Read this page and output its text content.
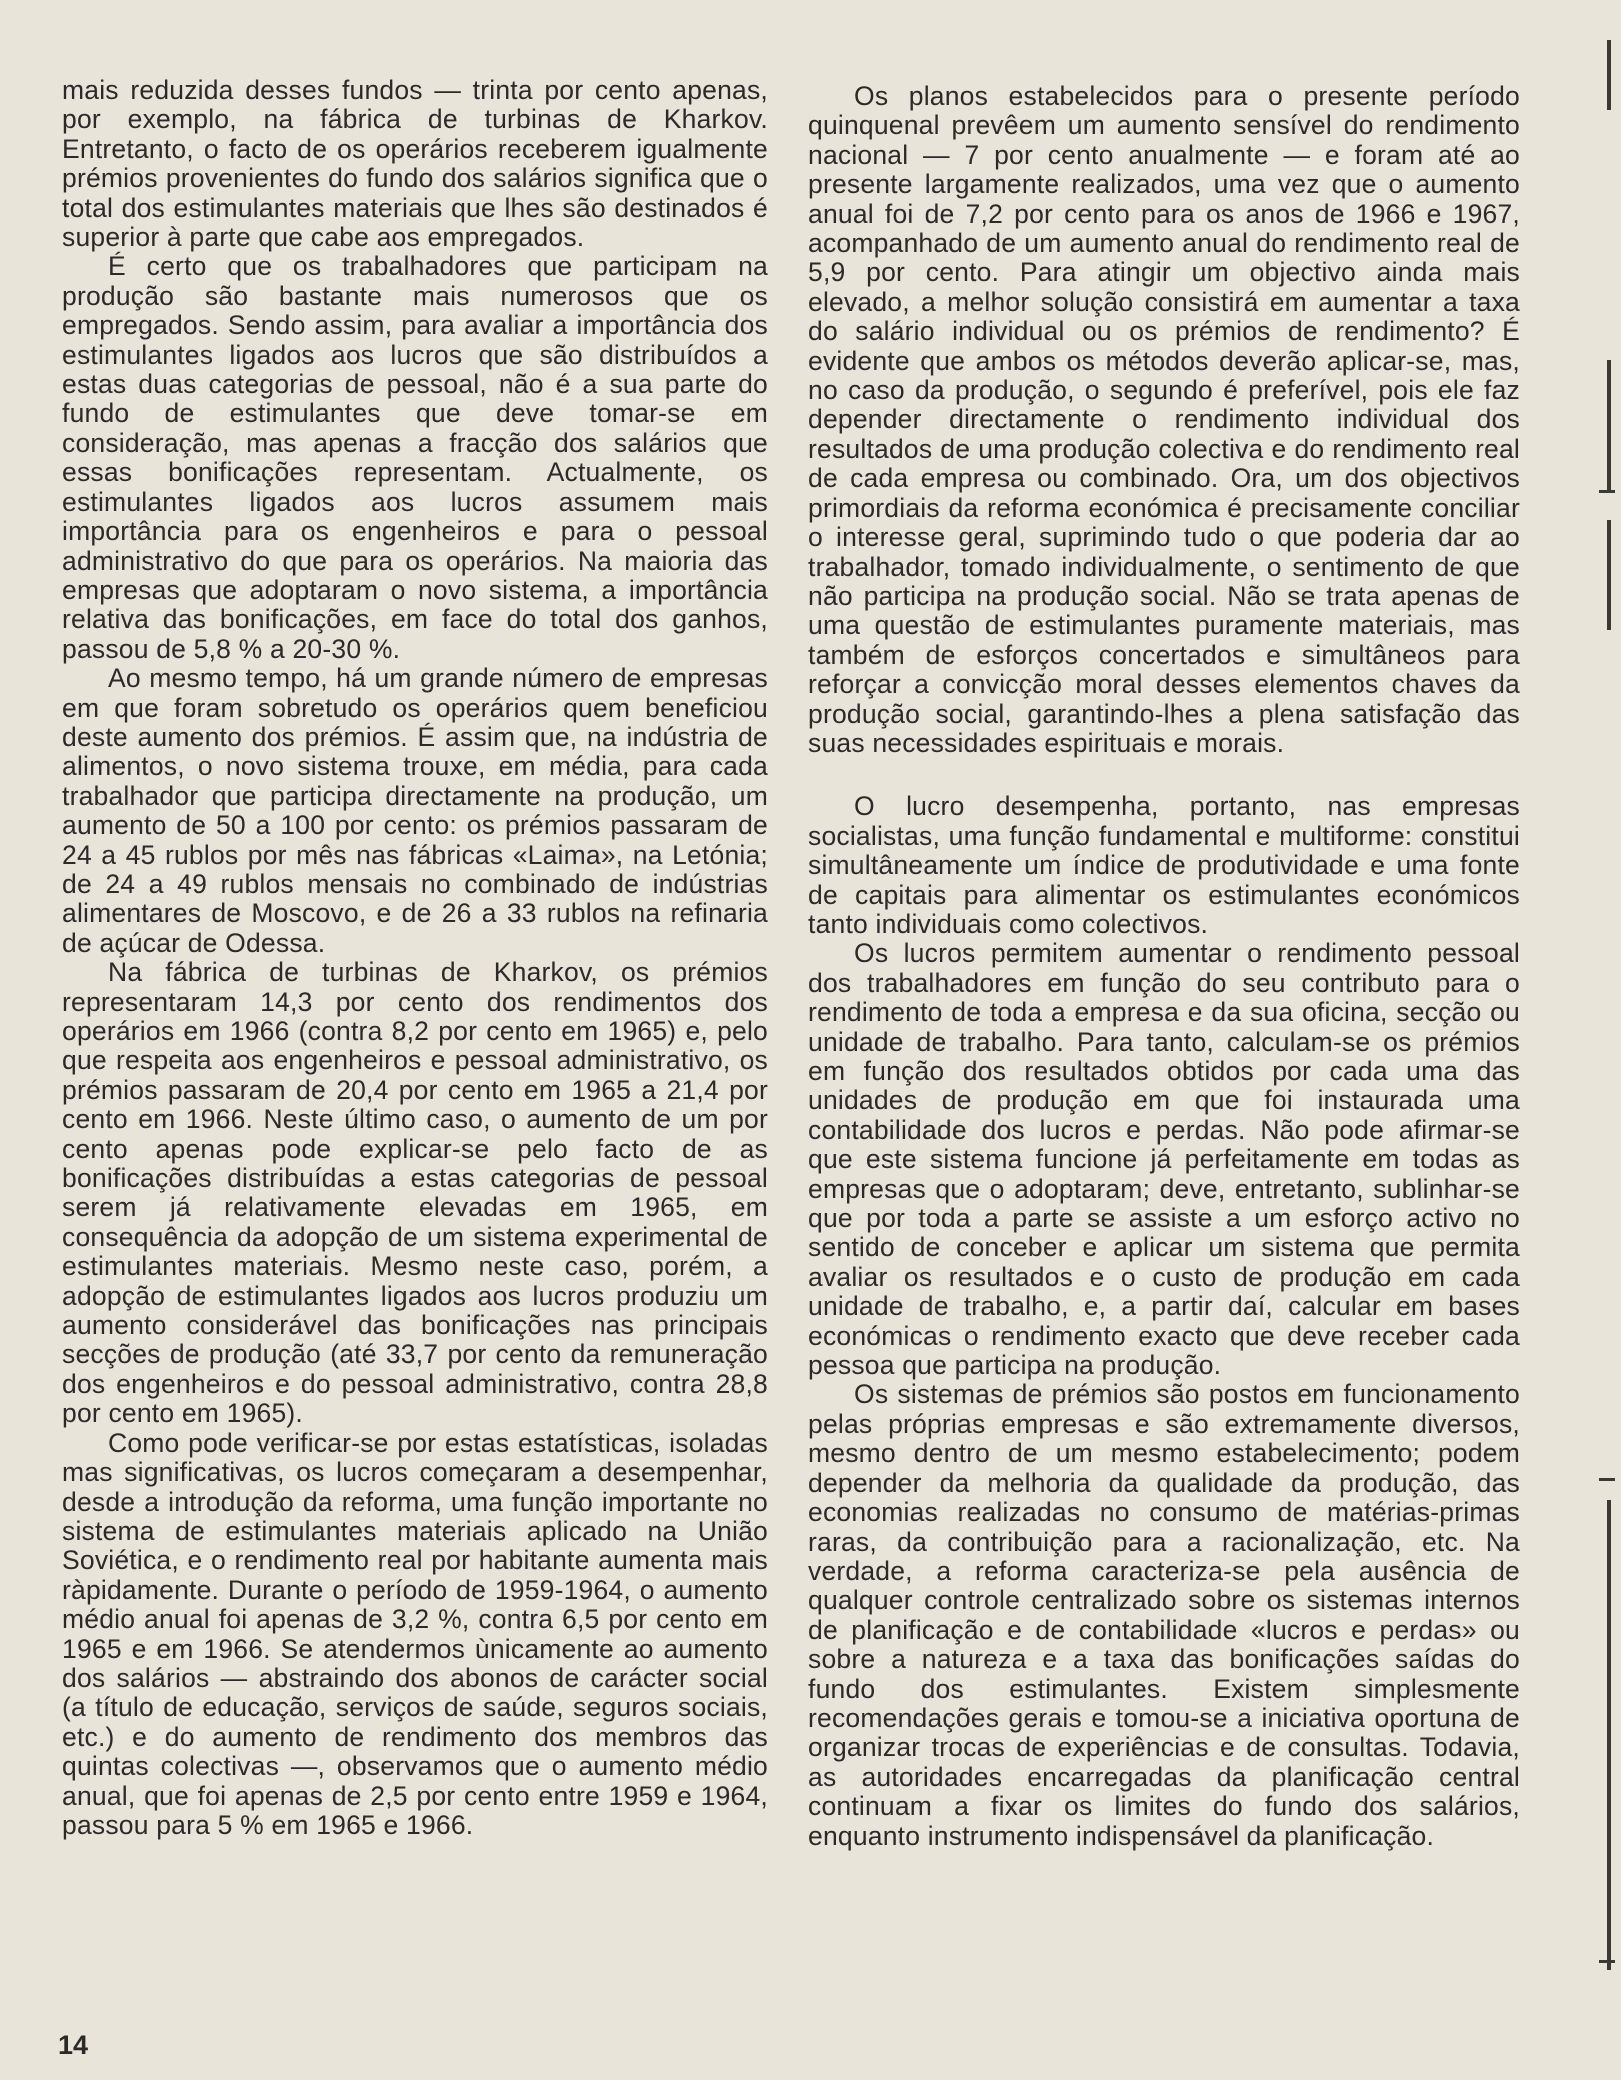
mais reduzida desses fundos — trinta por cento apenas, por exemplo, na fábrica de turbinas de Kharkov. Entretanto, o facto de os operários receberem igualmente prémios provenientes do fundo dos salários significa que o total dos estimulantes materiais que lhes são destinados é superior à parte que cabe aos empregados.

É certo que os trabalhadores que participam na produção são bastante mais numerosos que os empregados. Sendo assim, para avaliar a importância dos estimulantes ligados aos lucros que são distribuídos a estas duas categorias de pessoal, não é a sua parte do fundo de estimulantes que deve tomar-se em consideração, mas apenas a fracção dos salários que essas bonificações representam. Actualmente, os estimulantes ligados aos lucros assumem mais importância para os engenheiros e para o pessoal administrativo do que para os operários. Na maioria das empresas que adoptaram o novo sistema, a importância relativa das bonificações, em face do total dos ganhos, passou de 5,8 % a 20-30 %.

Ao mesmo tempo, há um grande número de empresas em que foram sobretudo os operários quem beneficiou deste aumento dos prémios. É assim que, na indústria de alimentos, o novo sistema trouxe, em média, para cada trabalhador que participa directamente na produção, um aumento de 50 a 100 por cento: os prémios passaram de 24 a 45 rublos por mês nas fábricas «Laima», na Letónia; de 24 a 49 rublos mensais no combinado de indústrias alimentares de Moscovo, e de 26 a 33 rublos na refinaria de açúcar de Odessa.

Na fábrica de turbinas de Kharkov, os prémios representaram 14,3 por cento dos rendimentos dos operários em 1966 (contra 8,2 por cento em 1965) e, pelo que respeita aos engenheiros e pessoal administrativo, os prémios passaram de 20,4 por cento em 1965 a 21,4 por cento em 1966. Neste último caso, o aumento de um por cento apenas pode explicar-se pelo facto de as bonificações distribuídas a estas categorias de pessoal serem já relativamente elevadas em 1965, em consequência da adopção de um sistema experimental de estimulantes materiais. Mesmo neste caso, porém, a adopção de estimulantes ligados aos lucros produziu um aumento considerável das bonificações nas principais secções de produção (até 33,7 por cento da remuneração dos engenheiros e do pessoal administrativo, contra 28,8 por cento em 1965).

Como pode verificar-se por estas estatísticas, isoladas mas significativas, os lucros começaram a desempenhar, desde a introdução da reforma, uma função importante no sistema de estimulantes materiais aplicado na União Soviética, e o rendimento real por habitante aumenta mais ràpidamente. Durante o período de 1959-1964, o aumento médio anual foi apenas de 3,2 %, contra 6,5 por cento em 1965 e em 1966. Se atendermos ùnicamente ao aumento dos salários — abstraindo dos abonos de carácter social (a título de educação, serviços de saúde, seguros sociais, etc.) e do aumento de rendimento dos membros das quintas colectivas —, observamos que o aumento médio anual, que foi apenas de 2,5 por cento entre 1959 e 1964, passou para 5 % em 1965 e 1966.

Os planos estabelecidos para o presente período quinquenal prevêem um aumento sensível do rendimento nacional — 7 por cento anualmente — e foram até ao presente largamente realizados, uma vez que o aumento anual foi de 7,2 por cento para os anos de 1966 e 1967, acompanhado de um aumento anual do rendimento real de 5,9 por cento. Para atingir um objectivo ainda mais elevado, a melhor solução consistirá em aumentar a taxa do salário individual ou os prémios de rendimento? É evidente que ambos os métodos deverão aplicar-se, mas, no caso da produção, o segundo é preferível, pois ele faz depender directamente o rendimento individual dos resultados de uma produção colectiva e do rendimento real de cada empresa ou combinado. Ora, um dos objectivos primordiais da reforma económica é precisamente conciliar o interesse geral, suprimindo tudo o que poderia dar ao trabalhador, tomado individualmente, o sentimento de que não participa na produção social. Não se trata apenas de uma questão de estimulantes puramente materiais, mas também de esforços concertados e simultâneos para reforçar a convicção moral desses elementos chaves da produção social, garantindo-lhes a plena satisfação das suas necessidades espirituais e morais.

O lucro desempenha, portanto, nas empresas socialistas, uma função fundamental e multiforme: constitui simultâneamente um índice de produtividade e uma fonte de capitais para alimentar os estimulantes económicos tanto individuais como colectivos.

Os lucros permitem aumentar o rendimento pessoal dos trabalhadores em função do seu contributo para o rendimento de toda a empresa e da sua oficina, secção ou unidade de trabalho. Para tanto, calculam-se os prémios em função dos resultados obtidos por cada uma das unidades de produção em que foi instaurada uma contabilidade dos lucros e perdas. Não pode afirmar-se que este sistema funcione já perfeitamente em todas as empresas que o adoptaram; deve, entretanto, sublinhar-se que por toda a parte se assiste a um esforço activo no sentido de conceber e aplicar um sistema que permita avaliar os resultados e o custo de produção em cada unidade de trabalho, e, a partir daí, calcular em bases económicas o rendimento exacto que deve receber cada pessoa que participa na produção.

Os sistemas de prémios são postos em funcionamento pelas próprias empresas e são extremamente diversos, mesmo dentro de um mesmo estabelecimento; podem depender da melhoria da qualidade da produção, das economias realizadas no consumo de matérias-primas raras, da contribuição para a racionalização, etc. Na verdade, a reforma caracteriza-se pela ausência de qualquer controle centralizado sobre os sistemas internos de planificação e de contabilidade «lucros e perdas» ou sobre a natureza e a taxa das bonificações saídas do fundo dos estimulantes. Existem simplesmente recomendações gerais e tomou-se a iniciativa oportuna de organizar trocas de experiências e de consultas. Todavia, as autoridades encarregadas da planificação central continuam a fixar os limites do fundo dos salários, enquanto instrumento indispensável da planificação.

14
